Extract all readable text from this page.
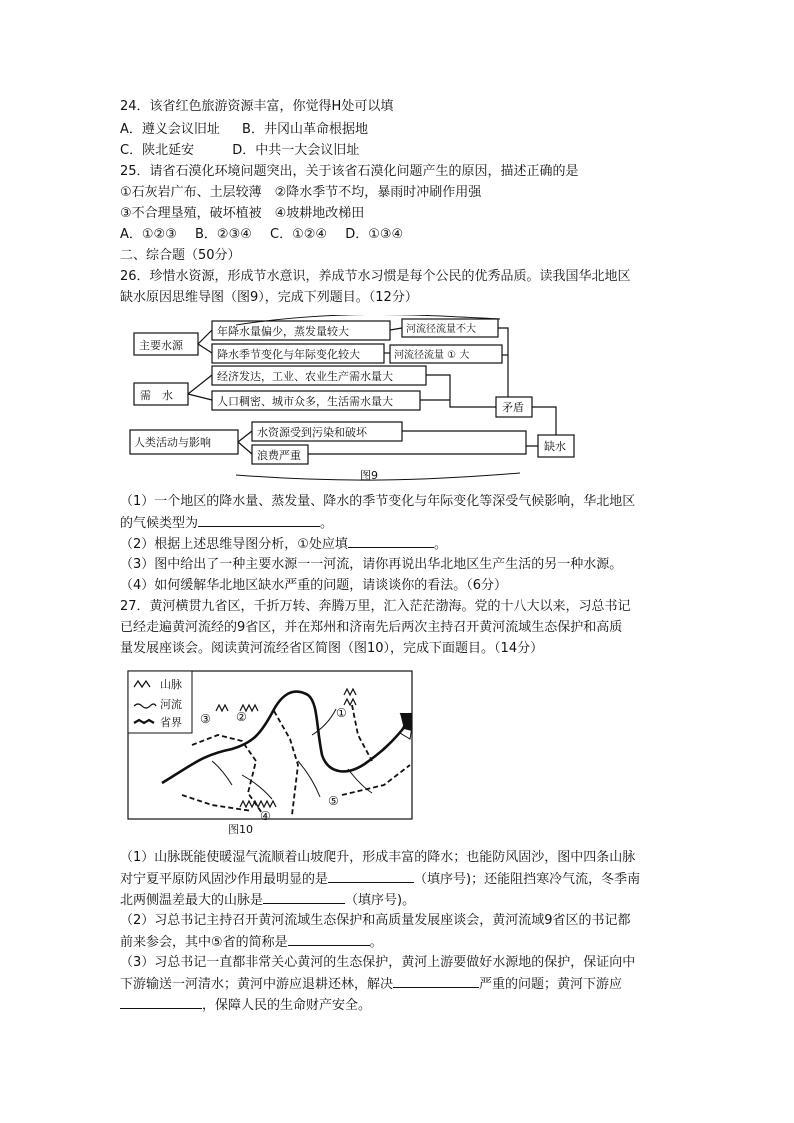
24．该省红色旅游资源丰富，你觉得H处可以填
A．遵义会议旧址 B．井冈山革命根据地
C．陕北延安	D．中共一大会议旧址
25．请省石漠化环境问题突出，关于该省石漠化问题产生的原因，描述正确的是
①石灰岩广布、土层较薄　②降水季节不均，暴雨时冲刷作用强
③不合理垦殖，破坏植被　④坡耕地改梯田
A．①②③ B．②③④ C．①②④ D．①③④
二、综合题（50分）
26．珍惜水资源，形成节水意识，养成节水习惯是每个公民的优秀品质。读我国华北地区
缺水原因思维导图（图9），完成下列题目。（12分）
主要水源
需　水
人类活动与影响
年降水量偏少，蒸发量较大
降水季节变化与年际变化较大
经济发达，工业、农业生产需水量大
人口稠密、城市众多，生活需水量大
水资源受到污染和破坏
浪费严重
河流径流量不大
河流径流量 ① 大
矛盾
缺水
图9
（1）一个地区的降水量、蒸发量、降水的季节变化与年际变化等深受气候影响，华北地区
的气候类型为	。
（2）根据上述思维导图分析，①处应填	。
（3）图中给出了一种主要水源一一河流，请你再说出华北地区生产生活的另一种水源。
（4）如何缓解华北地区缺水严重的问题，请谈谈你的看法。（6分）
27．黄河横贯九省区，千折万转、奔腾万里，汇入茫茫渤海。党的十八大以来，习总书记
已经走遍黄河流经的9省区，并在郑州和济南先后两次主持召开黄河流域生态保护和高质
量发展座谈会。阅读黄河流经省区简图（图10），完成下面题目。（14分）
山脉
河流
省界
①
②
③
④
⑤
图10
（1）山脉既能使暖湿气流顺着山坡爬升，形成丰富的降水；也能防风固沙，图中四条山脉
对宁夏平原防风固沙作用最明显的是	（填序号)；还能阻挡寒冷气流，冬季南
北两侧温差最大的山脉是	（填序号)。
（2）习总书记主持召开黄河流域生态保护和高质量发展座谈会，黄河流域9省区的书记都
前来参会，其中⑤省的简称是	。
（3）习总书记一直都非常关心黄河的生态保护，黄河上游要做好水源地的保护，保证向中
下游输送一河清水；黄河中游应退耕还林，解决	严重的问题；黄河下游应
，保障人民的生命财产安全。
